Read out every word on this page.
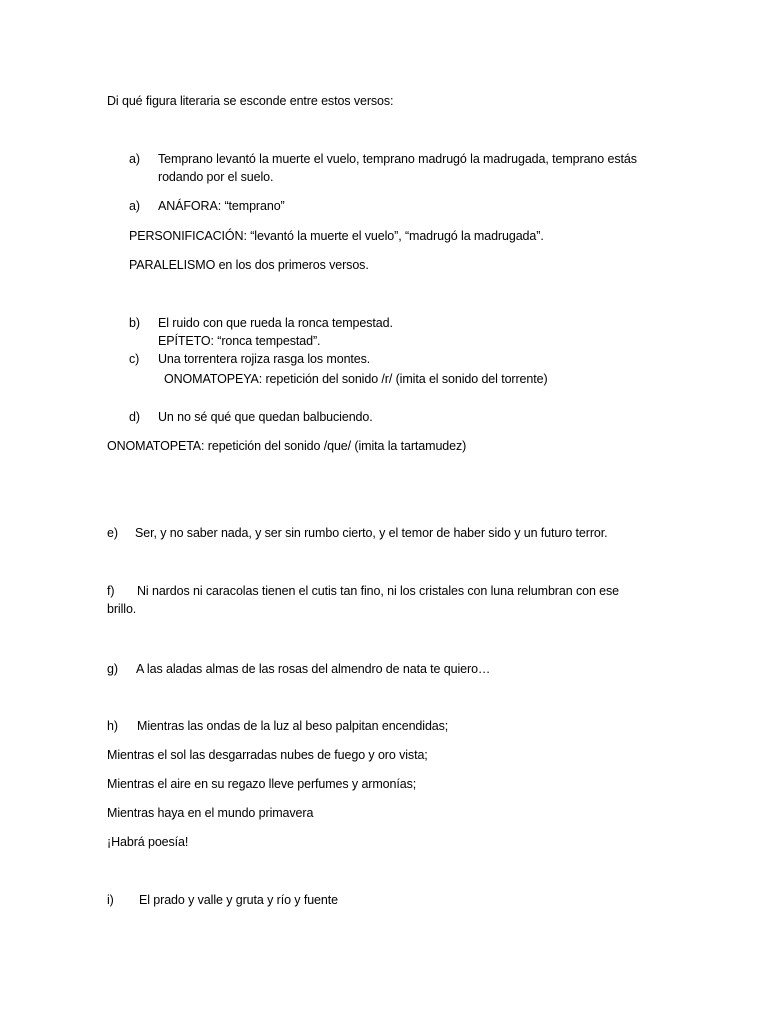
Di qué figura literaria se esconde entre estos versos:
a) Temprano levantó la muerte el vuelo, temprano madrugó la madrugada, temprano estás
rodando por el suelo.
a) ANÁFORA: “temprano”
PERSONIFICACIÓN: “levantó la muerte el vuelo”, “madrugó la madrugada”.
PARALELISMO en los dos primeros versos.
b) El ruido con que rueda la ronca tempestad.
EPÍTETO: “ronca tempestad”.
c) Una torrentera rojiza rasga los montes.
ONOMATOPEYA: repetición del sonido /r/ (imita el sonido del torrente)
d) Un no sé qué que quedan balbuciendo.
ONOMATOPETA: repetición del sonido /que/ (imita la tartamudez)
e) Ser, y no saber nada, y ser sin rumbo cierto, y el temor de haber sido y un futuro terror.
f) Ni nardos ni caracolas tienen el cutis tan fino, ni los cristales con luna relumbran con ese
brillo.
g) A las aladas almas de las rosas del almendro de nata te quiero…
h) Mientras las ondas de la luz al beso palpitan encendidas;
Mientras el sol las desgarradas nubes de fuego y oro vista;
Mientras el aire en su regazo lleve perfumes y armonías;
Mientras haya en el mundo primavera
¡Habrá poesía!
i) El prado y valle y gruta y río y fuente
